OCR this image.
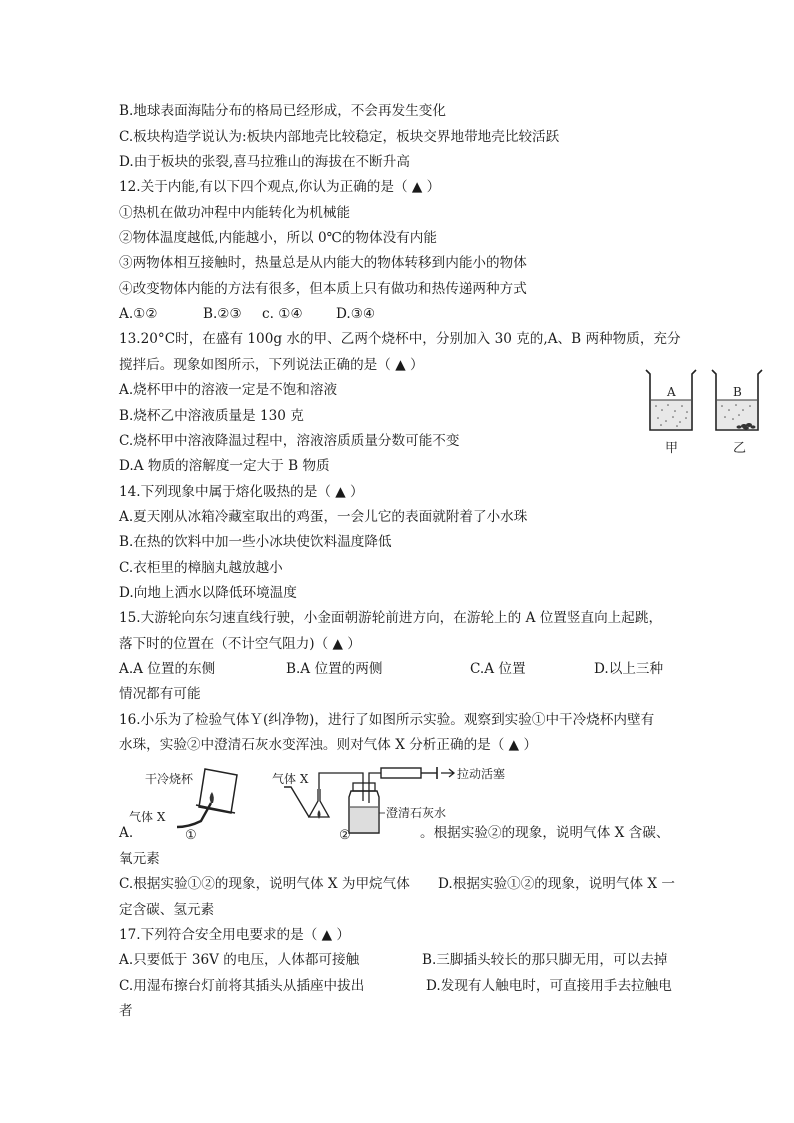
B.地球表面海陆分布的格局已经形成，不会再发生变化
C.板块构造学说认为:板块内部地壳比较稳定，板块交界地带地壳比较活跃
D.由于板块的张裂,喜马拉雅山的海拔在不断升高
12.关于内能,有以下四个观点,你认为正确的是（ ▲ ）
①热机在做功冲程中内能转化为机械能
②物体温度越低,内能越小，所以 0℃的物体没有内能
③两物体相互接触时，热量总是从内能大的物体转移到内能小的物体
④改变物体内能的方法有很多，但本质上只有做功和热传递两种方式
A.①②	B.②③ c. ①④ D.③④
13.20°C时，在盛有 100g 水的甲、乙两个烧杯中，分别加入 30 克的,A、B 两种物质，充分
搅拌后。现象如图所示，下列说法正确的是（ ▲ ）
A.烧杯甲中的溶液一定是不饱和溶液
B.烧杯乙中溶液质量是 130 克
C.烧杯甲中溶液降温过程中，溶液溶质质量分数可能不变
D.A 物质的溶解度一定大于 B 物质
A
甲
B
乙
14.下列现象中属于熔化吸热的是（ ▲ ）
A.夏天刚从冰箱冷藏室取出的鸡蛋，一会儿它的表面就附着了小水珠
B.在热的饮料中加一些小冰块使饮料温度降低
C.衣柜里的樟脑丸越放越小
D.向地上洒水以降低环境温度
15.大游轮向东匀速直线行驶，小金面朝游轮前进方向，在游轮上的 A 位置竖直向上起跳，
落下时的位置在（不计空气阻力)（ ▲ ）
A.A 位置的东侧	B.A 位置的两侧	C.A 位置	D.以上三种
情况都有可能
16.小乐为了检验气体Ｙ(纠净物)，进行了如图所示实验。观察到实验①中干冷烧杯内壁有
水珠，实验②中澄清石灰水变浑浊。则对气体 X 分析正确的是（ ▲ ）
干冷烧杯
气体 X
①
气体 X	拉动活塞
澄清石灰水
②
A.	。根据实验②的现象，说明气体 X 含碳、
氧元素
C.根据实验①②的现象，说明气体 X 为甲烷气体 D.根据实验①②的现象，说明气体 X 一
定含碳、氢元素
17.下列符合安全用电要求的是（ ▲ ）
A.只要低于 36V 的电压，人体都可接触	B.三脚插头较长的那只脚无用，可以去掉
C.用湿布擦台灯前将其插头从插座中拔出	D.发现有人触电时，可直接用手去拉触电
者
